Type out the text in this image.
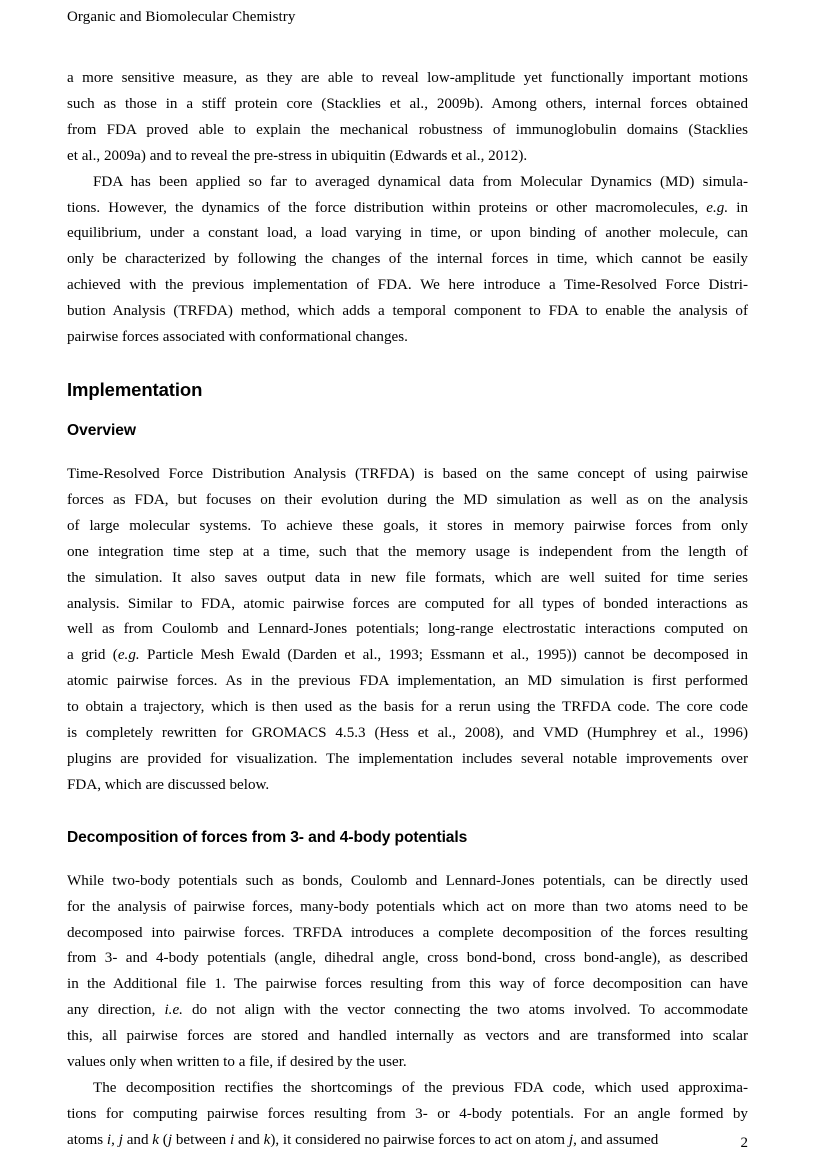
Organic and Biomolecular Chemistry

a more sensitive measure, as they are able to reveal low-amplitude yet functionally important motions
such as those in a stiff protein core (Stacklies et al., 2009b). Among others, internal forces obtained
from FDA proved able to explain the mechanical robustness of immunoglobulin domains (Stacklies
et al., 2009a) and to reveal the pre-stress in ubiquitin (Edwards et al., 2012).

FDA has been applied so far to averaged dynamical data from Molecular Dynamics (MD) simula-
tions. However, the dynamics of the force distribution within proteins or other macromolecules, e.g. in
equilibrium, under a constant load, a load varying in time, or upon binding of another molecule, can
only be characterized by following the changes of the internal forces in time, which cannot be easily
achieved with the previous implementation of FDA. We here introduce a Time-Resolved Force Distri-
bution Analysis (TRFDA) method, which adds a temporal component to FDA to enable the analysis of
pairwise forces associated with conformational changes.

Implementation
Overview

Time-Resolved Force Distribution Analysis (TRFDA) is based on the same concept of using pairwise
forces as FDA, but focuses on their evolution during the MD simulation as well as on the analysis
of large molecular systems. To achieve these goals, it stores in memory pairwise forces from only
one integration time step at a time, such that the memory usage is independent from the length of
the simulation. It also saves output data in new file formats, which are well suited for time series
analysis. Similar to FDA, atomic pairwise forces are computed for all types of bonded interactions as
well as from Coulomb and Lennard-Jones potentials; long-range electrostatic interactions computed on
a grid (e.g. Particle Mesh Ewald (Darden et al., 1993; Essmann et al., 1995)) cannot be decomposed in
atomic pairwise forces. As in the previous FDA implementation, an MD simulation is first performed
to obtain a trajectory, which is then used as the basis for a rerun using the TRFDA code. The core code
is completely rewritten for GROMACS 4.5.3 (Hess et al., 2008), and VMD (Humphrey et al., 1996)
plugins are provided for visualization. The implementation includes several notable improvements over
FDA, which are discussed below.

Decomposition of forces from 3- and 4-body potentials

While two-body potentials such as bonds, Coulomb and Lennard-Jones potentials, can be directly used
for the analysis of pairwise forces, many-body potentials which act on more than two atoms need to be
decomposed into pairwise forces. TRFDA introduces a complete decomposition of the forces resulting
from 3- and 4-body potentials (angle, dihedral angle, cross bond-bond, cross bond-angle), as described
in the Additional file 1. The pairwise forces resulting from this way of force decomposition can have
any direction, i.e. do not align with the vector connecting the two atoms involved. To accommodate
this, all pairwise forces are stored and handled internally as vectors and are transformed into scalar
values only when written to a file, if desired by the user.

The decomposition rectifies the shortcomings of the previous FDA code, which used approxima-
tions for computing pairwise forces resulting from 3- or 4-body potentials. For an angle formed by
atoms i, j and k (j between i and k), it considered no pairwise forces to act on atom j, and assumed	2
